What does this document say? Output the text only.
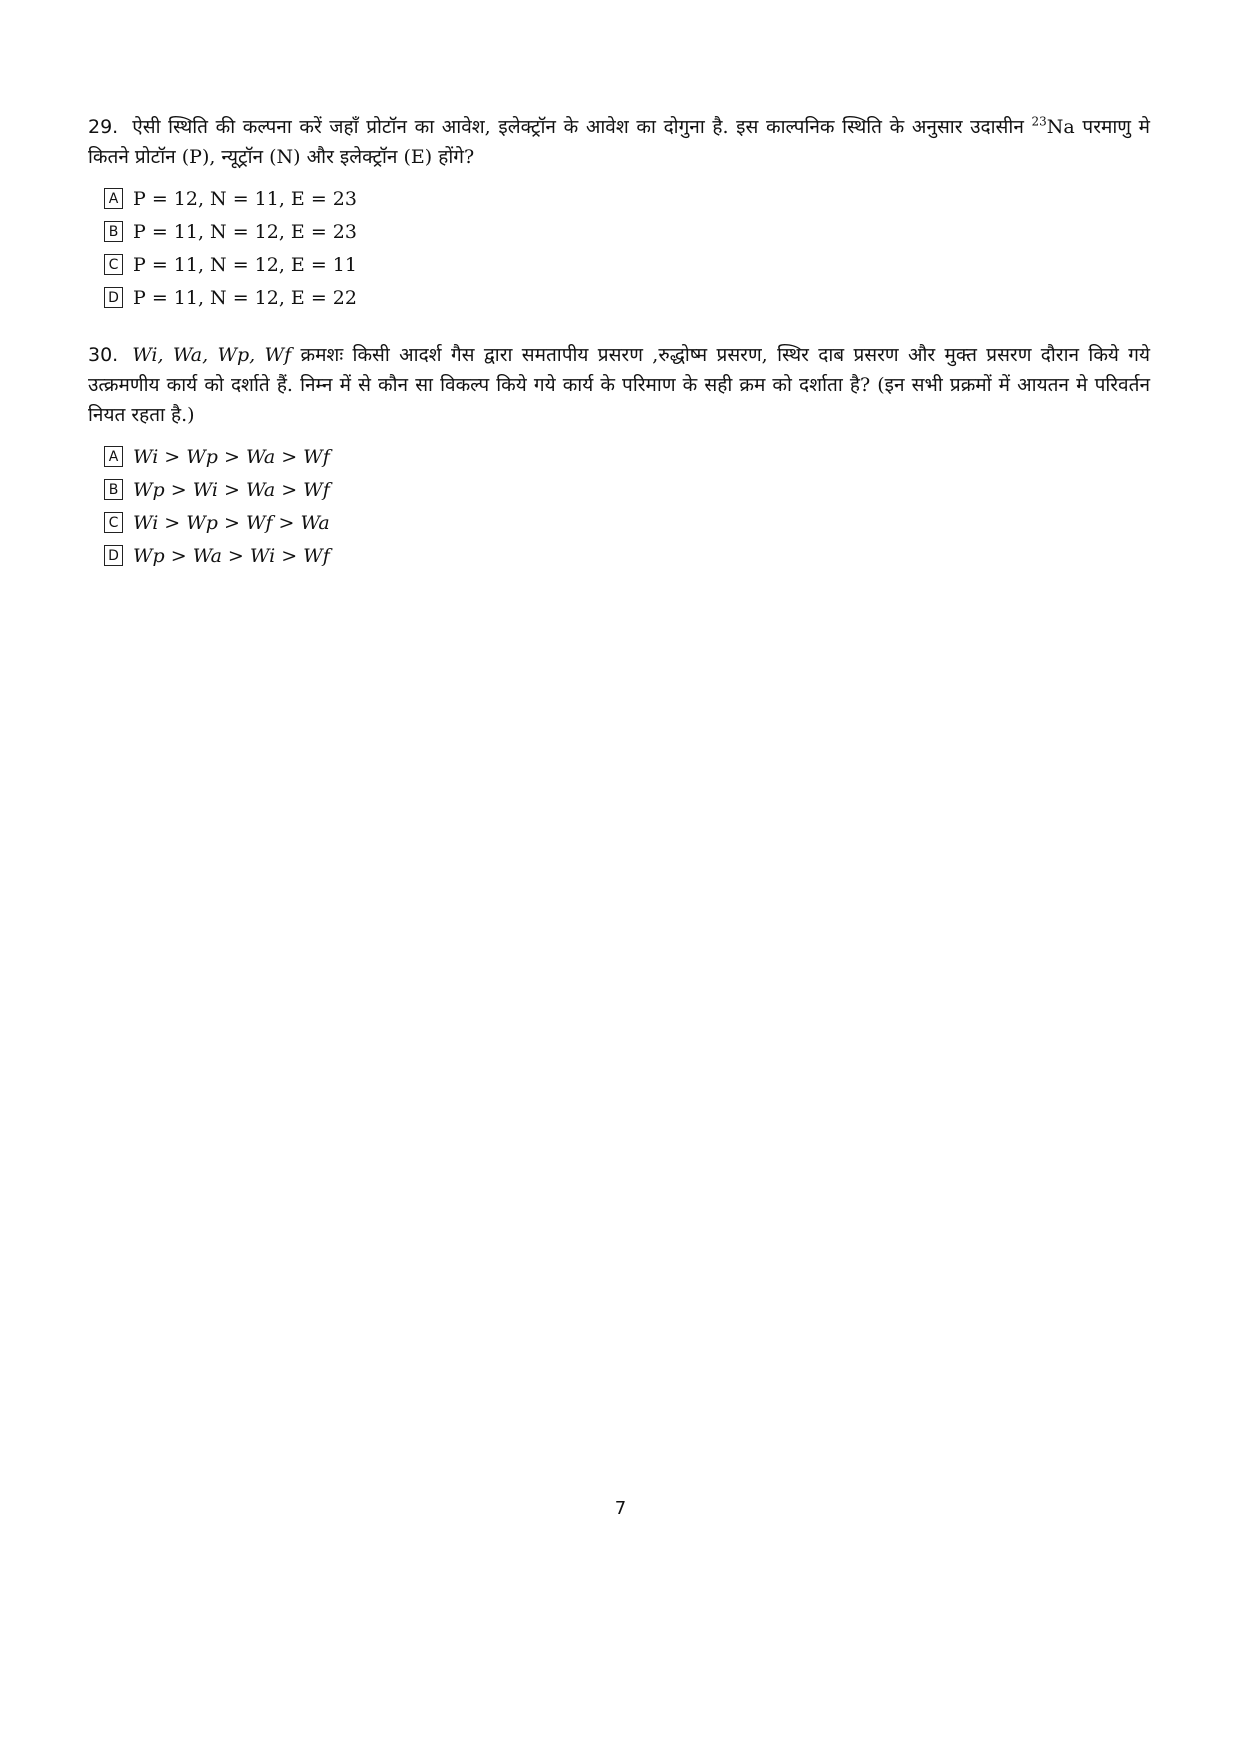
29. ऐसी स्थिति की कल्पना करें जहाँ प्रोटॉन का आवेश, इलेक्ट्रॉन के आवेश का दोगुना है. इस काल्पनिक स्थिति के अनुसार उदासीन $^{23}$Na परमाणु मे कितने प्रोटॉन (P), न्यूट्रॉन (N) और इलेक्ट्रॉन (E) होंगे?

A P = 12, N = 11, E = 23
B P = 11, N = 12, E = 23
C P = 11, N = 12, E = 11
D P = 11, N = 12, E = 22

30. Wi, Wa, Wp, Wf क्रमशः किसी आदर्श गैस द्वारा समतापीय प्रसरण ,रुद्धोष्म प्रसरण, स्थिर दाब प्रसरण और मुक्त प्रसरण दौरान किये गये उत्क्रमणीय कार्य को दर्शाते हैं. निम्न में से कौन सा विकल्प किये गये कार्य के परिमाण के सही क्रम को दर्शाता है? (इन सभी प्रक्रमों में आयतन मे परिवर्तन नियत रहता है.)

A Wi > Wp > Wa > Wf
B Wp > Wi > Wa > Wf
C Wi > Wp > Wf > Wa
D Wp > Wa > Wi > Wf
7
